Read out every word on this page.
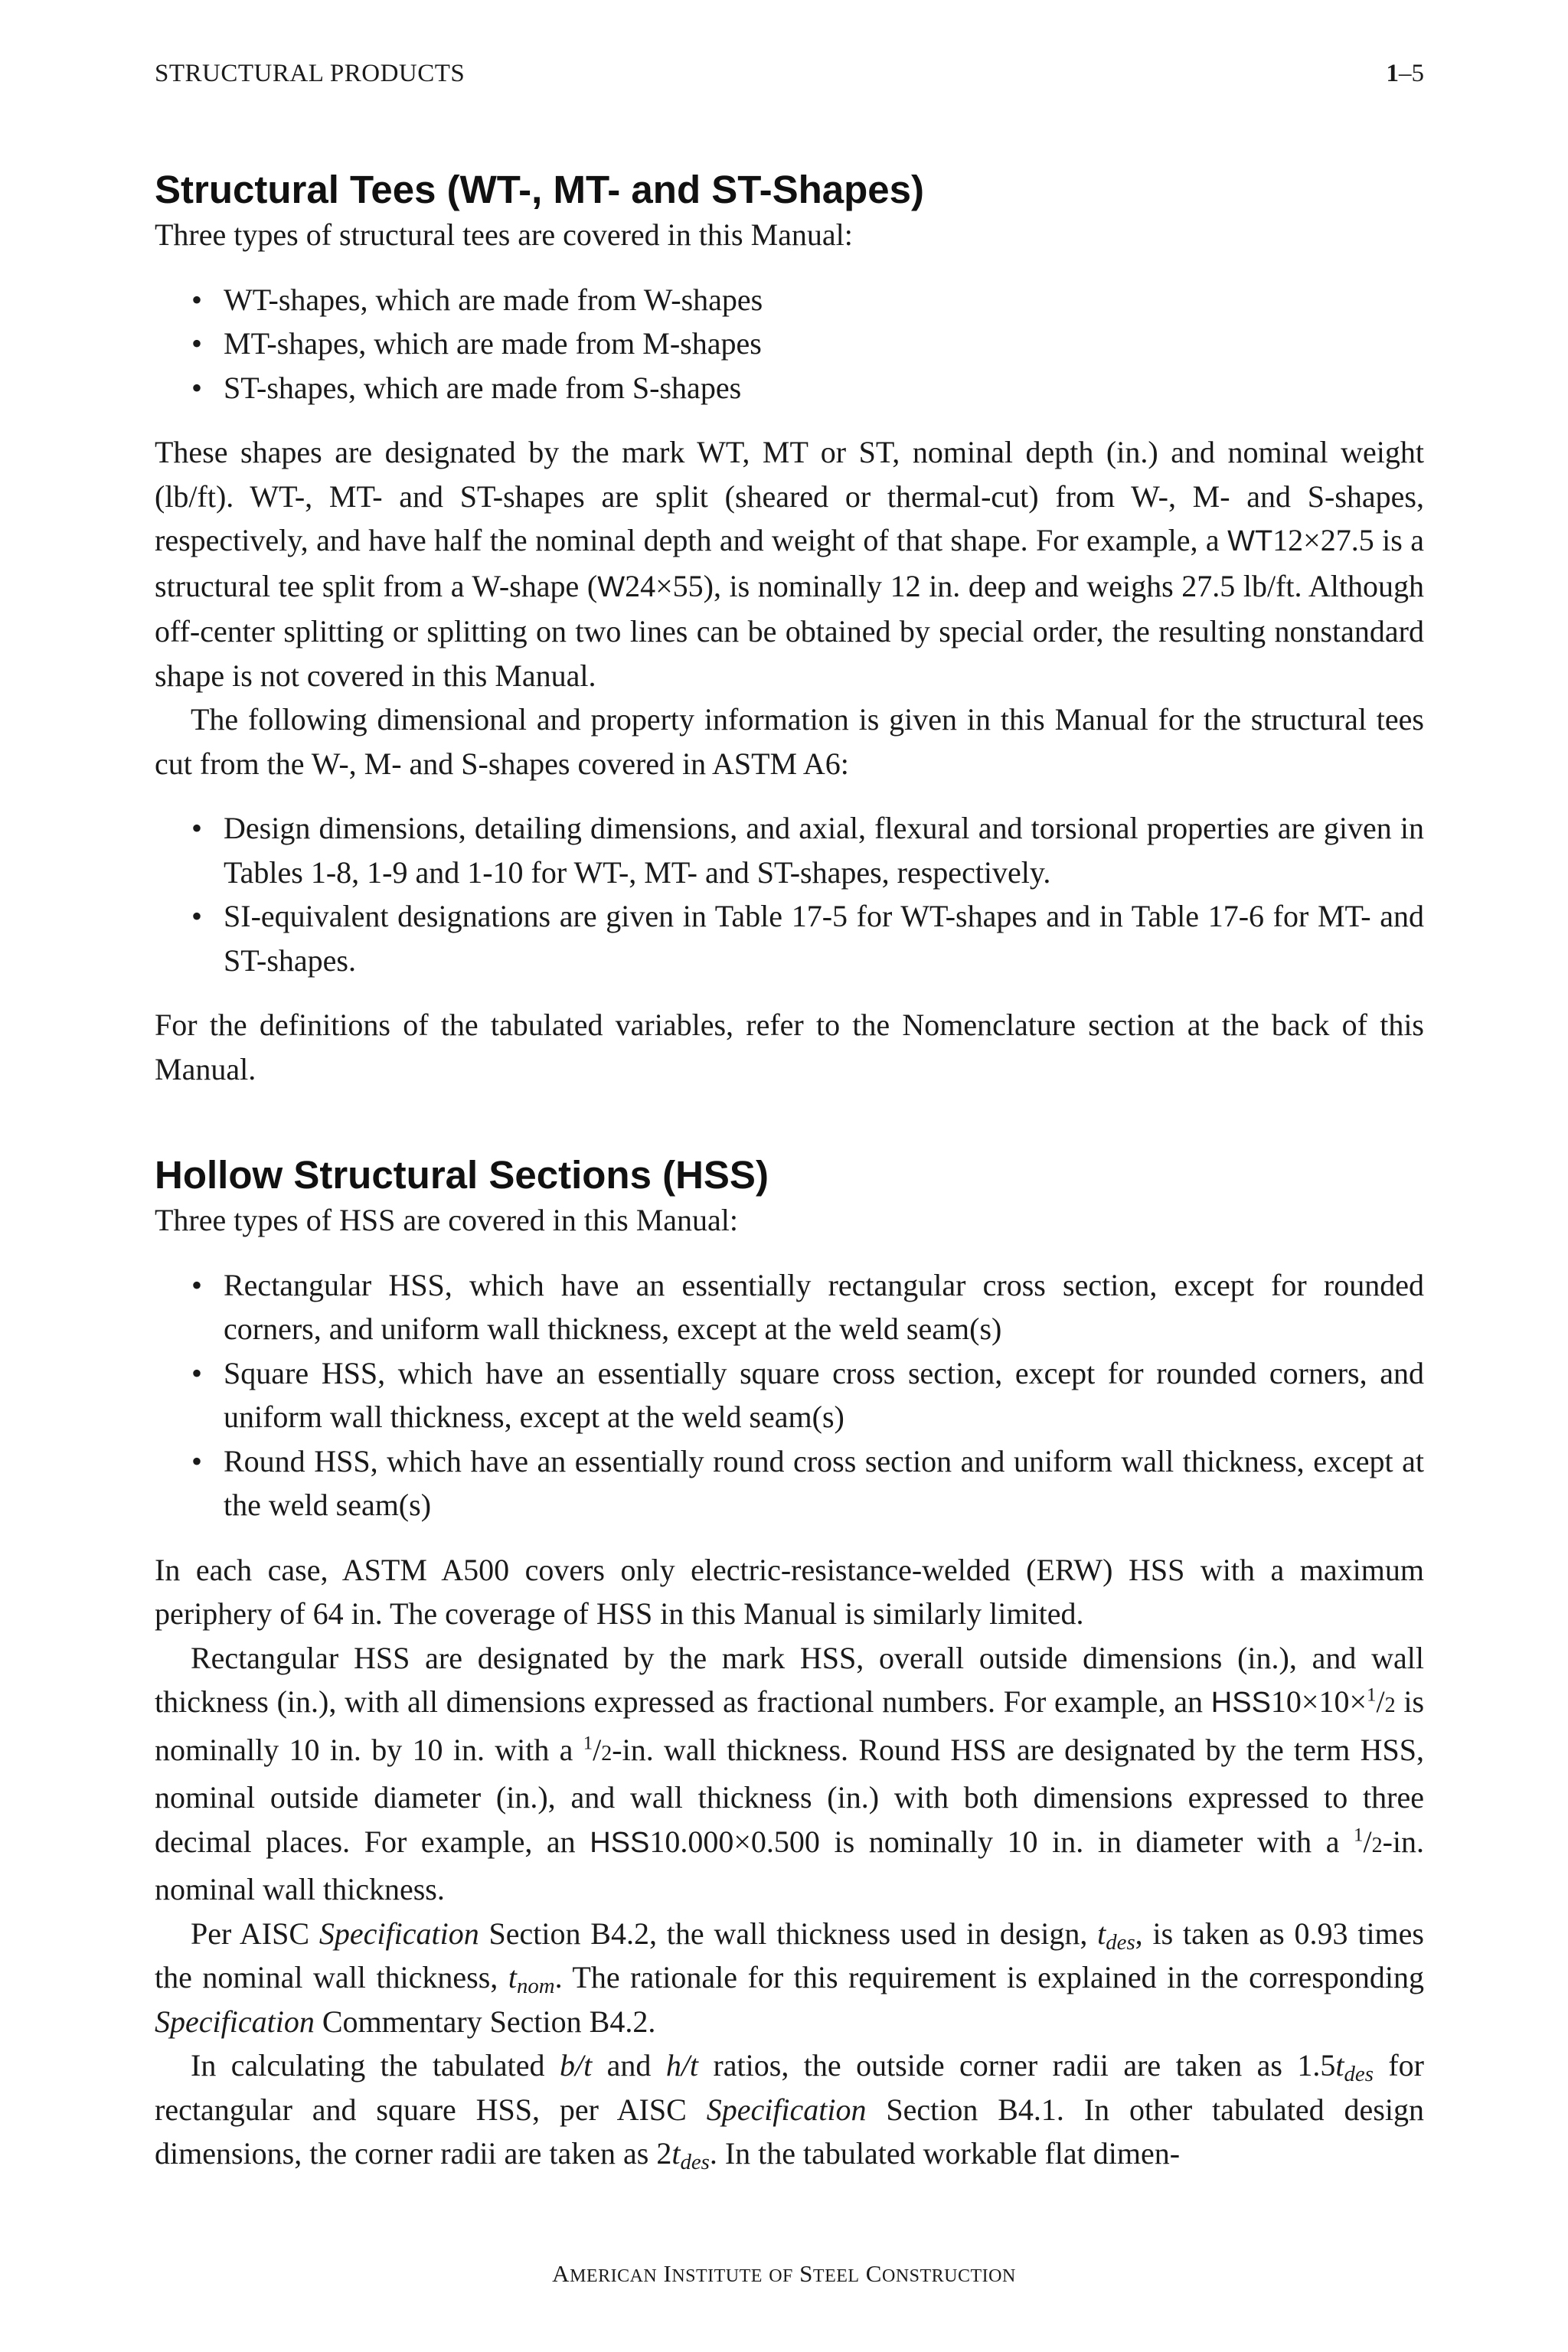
STRUCTURAL PRODUCTS	1–5
Structural Tees (WT-, MT- and ST-Shapes)

Three types of structural tees are covered in this Manual:

• WT-shapes, which are made from W-shapes
• MT-shapes, which are made from M-shapes
• ST-shapes, which are made from S-shapes

These shapes are designated by the mark WT, MT or ST, nominal depth (in.) and nominal weight (lb/ft). WT-, MT- and ST-shapes are split (sheared or thermal-cut) from W-, M- and S-shapes, respectively, and have half the nominal depth and weight of that shape. For example, a WT12×27.5 is a structural tee split from a W-shape (W24×55), is nominally 12 in. deep and weighs 27.5 lb/ft. Although off-center splitting or splitting on two lines can be obtained by special order, the resulting nonstandard shape is not covered in this Manual.

The following dimensional and property information is given in this Manual for the structural tees cut from the W-, M- and S-shapes covered in ASTM A6:

• Design dimensions, detailing dimensions, and axial, flexural and torsional properties are given in Tables 1-8, 1-9 and 1-10 for WT-, MT- and ST-shapes, respectively.
• SI-equivalent designations are given in Table 17-5 for WT-shapes and in Table 17-6 for MT- and ST-shapes.

For the definitions of the tabulated variables, refer to the Nomenclature section at the back of this Manual.

Hollow Structural Sections (HSS)

Three types of HSS are covered in this Manual:

• Rectangular HSS, which have an essentially rectangular cross section, except for rounded corners, and uniform wall thickness, except at the weld seam(s)
• Square HSS, which have an essentially square cross section, except for rounded corners, and uniform wall thickness, except at the weld seam(s)
• Round HSS, which have an essentially round cross section and uniform wall thickness, except at the weld seam(s)

In each case, ASTM A500 covers only electric-resistance-welded (ERW) HSS with a maximum periphery of 64 in. The coverage of HSS in this Manual is similarly limited.

Rectangular HSS are designated by the mark HSS, overall outside dimensions (in.), and wall thickness (in.), with all dimensions expressed as fractional numbers. For example, an HSS10×10×$^1$/2 is nominally 10 in. by 10 in. with a $^1$/2-in. wall thickness. Round HSS are designated by the term HSS, nominal outside diameter (in.), and wall thickness (in.) with both dimensions expressed to three decimal places. For example, an HSS10.000×0.500 is nominally 10 in. in diameter with a $^1$/2-in. nominal wall thickness.

Per AISC Specification Section B4.2, the wall thickness used in design, $t_{des}$, is taken as 0.93 times the nominal wall thickness, $t_{nom}$. The rationale for this requirement is explained in the corresponding Specification Commentary Section B4.2.

In calculating the tabulated b/t and h/t ratios, the outside corner radii are taken as $1.5t_{des}$ for rectangular and square HSS, per AISC Specification Section B4.1. In other tabulated design dimensions, the corner radii are taken as $2t_{des}$. In the tabulated workable flat dimen-

AMERICAN INSTITUTE OF STEEL CONSTRUCTION
